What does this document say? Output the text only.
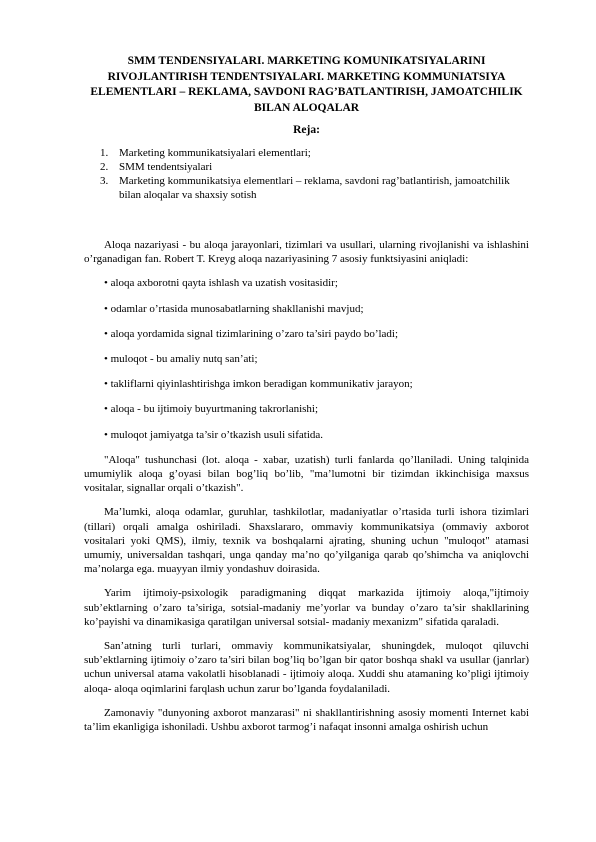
SMM TENDENSIYALARI. MARKETING KOMUNIKATSIYALARINI RIVOJLANTIRISH TENDENTSIYALARI. MARKETING KOMMUNIATSIYA ELEMENTLARI – REKLAMA, SAVDONI RAG’BATLANTIRISH, JAMOATCHILIK BILAN ALOQALAR
Reja:
1. Marketing kommunikatsiyalari elementlari;
2. SMM tendentsiyalari
3. Marketing kommunikatsiya elementlari – reklama, savdoni rag’batlantirish, jamoatchilik bilan aloqalar va shaxsiy sotish

Aloqa nazariyasi - bu aloqa jarayonlari, tizimlari va usullari, ularning rivojlanishi va ishlashini o’rganadigan fan. Robert T. Kreyg aloqa nazariyasining 7 asosiy funktsiyasini aniqladi:

• aloqa axborotni qayta ishlash va uzatish vositasidir;

• odamlar o’rtasida munosabatlarning shakllanishi mavjud;

• aloqa yordamida signal tizimlarining o’zaro ta’siri paydo bo’ladi;

• muloqot - bu amaliy nutq san’ati;

• takliflarni qiyinlashtirishga imkon beradigan kommunikativ jarayon;

• aloqa - bu ijtimoiy buyurtmaning takrorlanishi;

• muloqot jamiyatga ta’sir o’tkazish usuli sifatida.

"Aloqa" tushunchasi (lot. aloqa - xabar, uzatish) turli fanlarda qo’llaniladi. Uning talqinida umumiylik aloqa g’oyasi bilan bog’liq bo’lib, "ma’lumotni bir tizimdan ikkinchisiga maxsus vositalar, signallar orqali o’tkazish".

Ma’lumki, aloqa odamlar, guruhlar, tashkilotlar, madaniyatlar o’rtasida turli ishora tizimlari (tillari) orqali amalga oshiriladi. Shaxslararo, ommaviy kommunikatsiya (ommaviy axborot vositalari yoki QMS), ilmiy, texnik va boshqalarni ajrating, shuning uchun "muloqot" atamasi umumiy, universaldan tashqari, unga qanday ma’no qo’yilganiga qarab qo’shimcha va aniqlovchi ma’nolarga ega. muayyan ilmiy yondashuv doirasida.

Yarim ijtimoiy-psixologik paradigmaning diqqat markazida ijtimoiy aloqa,"ijtimoiy sub’ektlarning o’zaro ta’siriga, sotsial-madaniy me’yorlar va bunday o’zaro ta’sir shakllarining ko’payishi va dinamikasiga qaratilgan universal sotsial- madaniy mexanizm" sifatida qaraladi.

San’atning turli turlari, ommaviy kommunikatsiyalar, shuningdek, muloqot qiluvchi sub’ektlarning ijtimoiy o’zaro ta’siri bilan bog’liq bo’lgan bir qator boshqa shakl va usullar (janrlar) uchun universal atama vakolatli hisoblanadi - ijtimoiy aloqa. Xuddi shu atamaning ko’pligi ijtimoiy aloqa- aloqa oqimlarini farqlash uchun zarur bo’lganda foydalaniladi.

Zamonaviy "dunyoning axborot manzarasi" ni shakllantirishning asosiy momenti Internet kabi ta’lim ekanligiga ishoniladi. Ushbu axborot tarmog’i nafaqat insonni amalga oshirish uchun
